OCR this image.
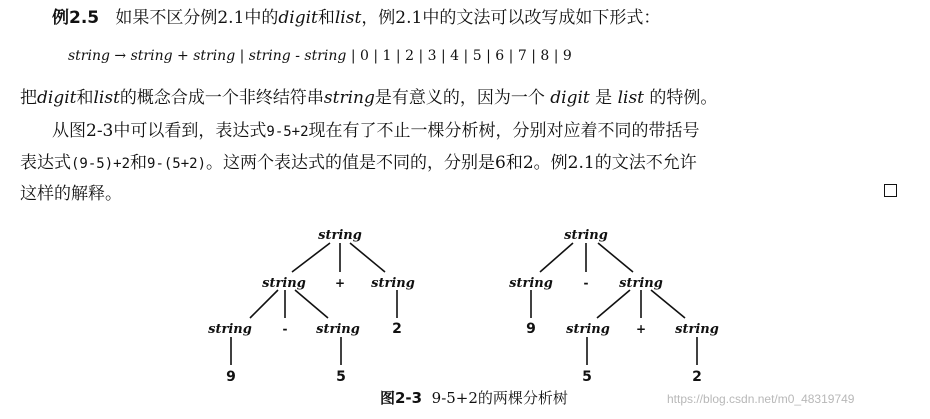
例2.5 如果不区分例2.1中的digit和list，例2.1中的文法可以改写成如下形式：
string → string + string | string - string | 0 | 1 | 2 | 3 | 4 | 5 | 6 | 7 | 8 | 9
把digit和list的概念合成一个非终结符串string是有意义的，因为一个 digit 是 list 的特例。
从图2-3中可以看到，表达式9-5+2现在有了不止一棵分析树，分别对应着不同的带括号
表达式(9-5)+2和9-(5+2)。这两个表达式的值是不同的，分别是6和2。例2.1的文法不允许
这样的解释。
string
string	string
string	string
string
string	string
string	string
+
-	2
9	5
-
9	+
5	2
图2-3 9-5+2的两棵分析树	https://blog.csdn.net/m0_48319749
